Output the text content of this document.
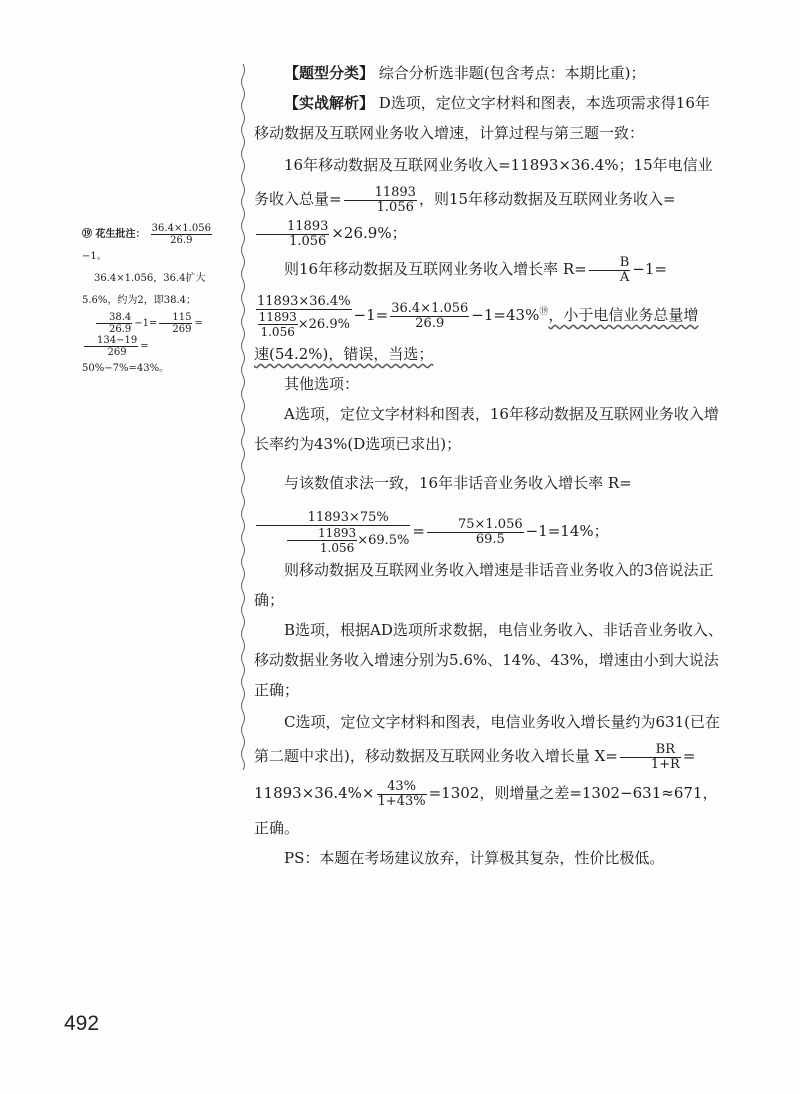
⑲ 花生批注： $\frac{36.4\times 1.056}{26.9}$

−1。

36.4×1.056，36.4扩大5.6%，约为2，即38.4；

$\frac{38.4}{26.9} -1= \frac{115}{269}$ =
$\frac{134-19}{269}$ =

50%−7%=43%。

【题型分类】 综合分析选非题(包含考点：本期比重)；

【实战解析】 D选项，定位文字材料和图表，本选项需求得16年移动数据及互联网业务收入增速，计算过程与第三题一致：

16年移动数据及互联网业务收入=11893×36.4%；15年电信业务收入总量= $\frac{11893}{1.056}$ ，则15年移动数据及互联网业务收入=
$\frac{11893}{1.056} \times 26.9\%$；

则16年移动数据及互联网业务收入增长率 $R= \frac{B}{A} -1=$

$\frac{11893\times 36.4\%}{\frac{11893}{1.056} \times 26.9\%} -1= \frac{36.4\times 1.056}{26.9} -1=43\%^⑲$，小于电信业务总量增

速(54.2%)，错误，当选；

其他选项：

A选项，定位文字材料和图表，16年移动数据及互联网业务收入增长率约为43%(D选项已求出)；

与该数值求法一致，16年非话音业务收入增长率 R=

$\frac{11893\times 75\%}{\frac{11893}{1.056} \times 69.5\%} = \frac{75\times 1.056}{69.5} -1=14\%$；

则移动数据及互联网业务收入增速是非话音业务收入的3倍说法正确；

B选项，根据AD选项所求数据，电信业务收入、非话音业务收入、移动数据业务收入增速分别为5.6%、14%、43%，增速由小到大说法正确；

C选项，定位文字材料和图表，电信业务收入增长量约为631(已在第二题中求出)，移动数据及互联网业务收入增长量 $X= \frac{BR}{1+R}$ =

$11893\times 36.4\%\times \frac{43\%}{1+43\%} =1302$，则增量之差=1302−631≈671，

正确。

PS：本题在考场建议放弃，计算极其复杂，性价比极低。

492
